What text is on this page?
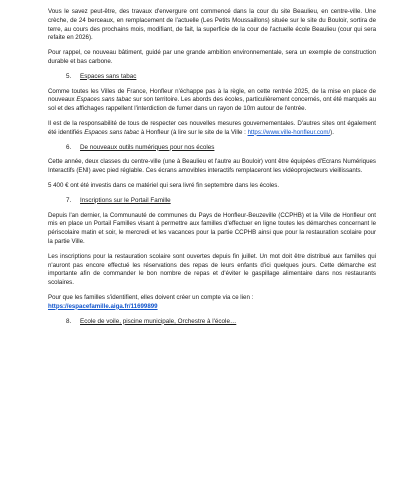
Vous le savez peut-être, des travaux d'envergure ont commencé dans la cour du site Beaulieu, en centre-ville. Une crèche, de 24 berceaux, en remplacement de l'actuelle (Les Petits Moussaillons) située sur le site du Bouloir, sortira de terre, au cours des prochains mois, modifiant, de fait, la superficie de la cour de l'actuelle école Beaulieu (cour qui sera refaite en 2026).

Pour rappel, ce nouveau bâtiment, guidé par une grande ambition environnementale, sera un exemple de construction durable et bas carbone.

5.	Espaces sans tabac

Comme toutes les Villes de France, Honfleur n'échappe pas à la règle, en cette rentrée 2025, de la mise en place de nouveaux Espaces sans tabac sur son territoire. Les abords des écoles, particulièrement concernés, ont été marqués au sol et des affichages rappellent l'interdiction de fumer dans un rayon de 10m autour de l'entrée.

Il est de la responsabilité de tous de respecter ces nouvelles mesures gouvernementales. D'autres sites ont également été identifiés Espaces sans tabac à Honfleur (à lire sur le site de la Ville : https://www.ville-honfleur.com/).

6.	De nouveaux outils numériques pour nos écoles

Cette année, deux classes du centre-ville (une à Beaulieu et l'autre au Bouloir) vont être équipées d'Ecrans Numériques Interactifs (ENI) avec pied réglable. Ces écrans amovibles interactifs remplaceront les vidéoprojecteurs vieillissants.

5 400 € ont été investis dans ce matériel qui sera livré fin septembre dans les écoles.

7.	Inscriptions sur le Portail Famille

Depuis l'an dernier, la Communauté de communes du Pays de Honfleur-Beuzeville (CCPHB) et la Ville de Honfleur ont mis en place un Portail Familles visant à permettre aux familles d'effectuer en ligne toutes les démarches concernant le périscolaire matin et soir, le mercredi et les vacances pour la partie CCPHB ainsi que pour la restauration scolaire pour la partie Ville.

Les inscriptions pour la restauration scolaire sont ouvertes depuis fin juillet. Un mot doit être distribué aux familles qui n'auront pas encore effectué les réservations des repas de leurs enfants d'ici quelques jours. Cette démarche est importante afin de commander le bon nombre de repas et d'éviter le gaspillage alimentaire dans nos restaurants scolaires.

Pour que les familles s'identifient, elles doivent créer un compte via ce lien :
https://espacefamille.aiga.fr/11699899

8.	Ecole de voile, piscine municipale, Orchestre à l'école…
